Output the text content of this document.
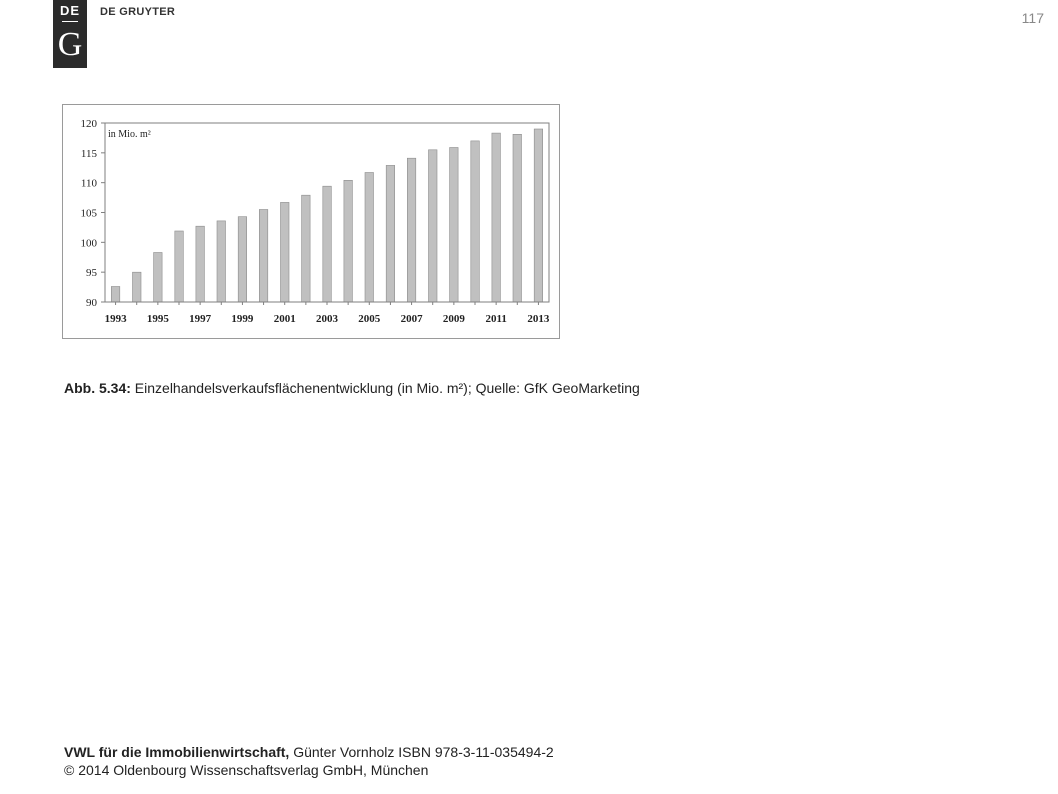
DE
G
DE GRUYTER	117
90
95
100
105
110
115
120
1993 1995 1997 1999 2001 2003 2005 2007 2009 2011 2013
in Mio. m²
Abb. 5.34: Einzelhandelsverkaufsflächenentwicklung (in Mio. m²); Quelle: GfK GeoMarketing
VWL für die Immobilienwirtschaft, Günter Vornholz ISBN 978-3-11-035494-2
© 2014 Oldenbourg Wissenschaftsverlag GmbH, München
